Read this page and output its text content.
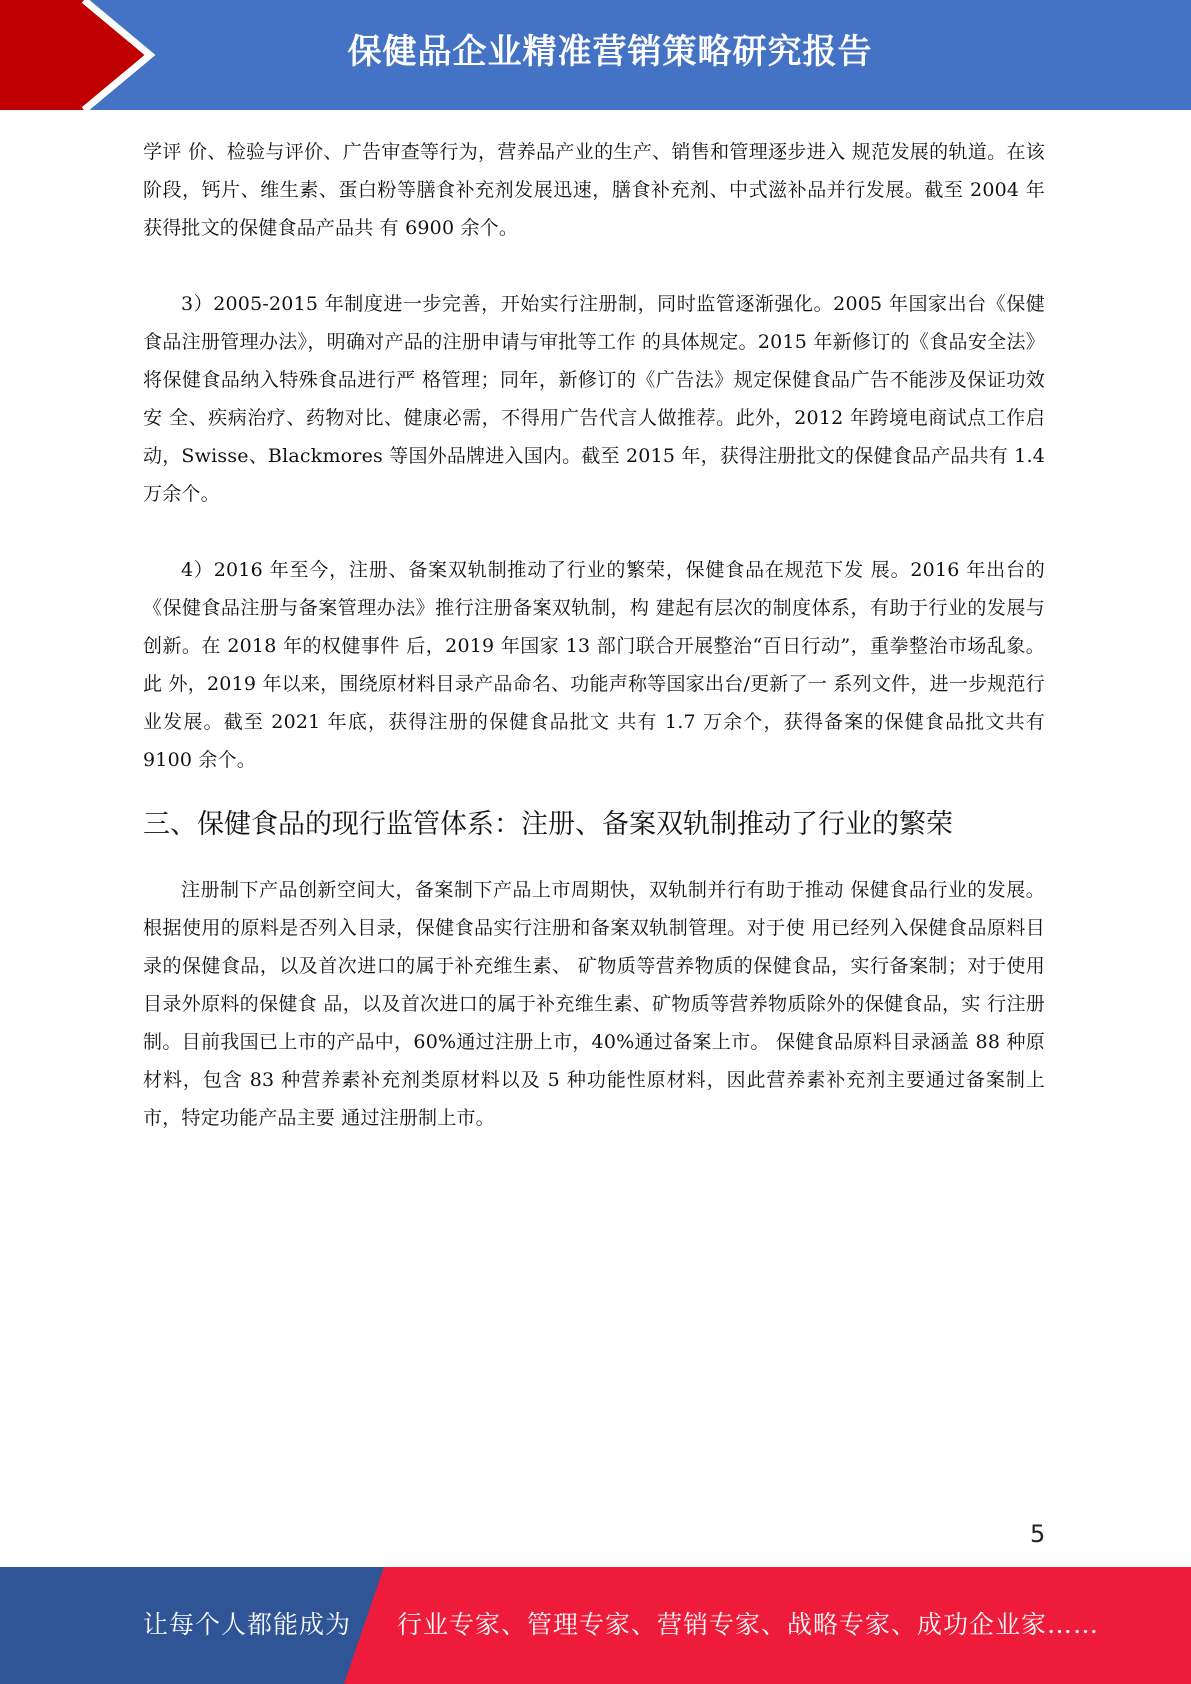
保健品企业精准营销策略研究报告

学评 价、检验与评价、广告审查等行为，营养品产业的生产、销售和管理逐步进入 规范发展的轨道。在该阶段，钙片、维生素、蛋白粉等膳食补充剂发展迅速，膳食补充剂、中式滋补品并行发展。截至 2004 年获得批文的保健食品产品共 有 6900 余个。

3）2005-2015 年制度进一步完善，开始实行注册制，同时监管逐渐强化。2005 年国家出台《保健食品注册管理办法》，明确对产品的注册申请与审批等工作 的具体规定。2015 年新修订的《食品安全法》将保健食品纳入特殊食品进行严 格管理；同年，新修订的《广告法》规定保健食品广告不能涉及保证功效安 全、疾病治疗、药物对比、健康必需，不得用广告代言人做推荐。此外，2012 年跨境电商试点工作启动，Swisse、Blackmores 等国外品牌进入国内。截至 2015 年，获得注册批文的保健食品产品共有 1.4 万余个。

4）2016 年至今，注册、备案双轨制推动了行业的繁荣，保健食品在规范下发 展。2016 年出台的《保健食品注册与备案管理办法》推行注册备案双轨制，构 建起有层次的制度体系，有助于行业的发展与创新。在 2018 年的权健事件 后，2019 年国家 13 部门联合开展整治“百日行动”，重拳整治市场乱象。此 外，2019 年以来，围绕原材料目录产品命名、功能声称等国家出台/更新了一 系列文件，进一步规范行业发展。截至 2021 年底，获得注册的保健食品批文 共有 1.7 万余个，获得备案的保健食品批文共有 9100 余个。

三、保健食品的现行监管体系：注册、备案双轨制推动了行业的繁荣

注册制下产品创新空间大，备案制下产品上市周期快，双轨制并行有助于推动 保健食品行业的发展。 根据使用的原料是否列入目录，保健食品实行注册和备案双轨制管理。对于使 用已经列入保健食品原料目录的保健食品，以及首次进口的属于补充维生素、 矿物质等营养物质的保健食品，实行备案制；对于使用目录外原料的保健食 品，以及首次进口的属于补充维生素、矿物质等营养物质除外的保健食品，实 行注册制。目前我国已上市的产品中，60%通过注册上市，40%通过备案上市。 保健食品原料目录涵盖 88 种原材料，包含 83 种营养素补充剂类原材料以及 5 种功能性原材料，因此营养素补充剂主要通过备案制上市，特定功能产品主要 通过注册制上市。

5
让每个人都能成为 行业专家、管理专家、营销专家、战略专家、成功企业家……
